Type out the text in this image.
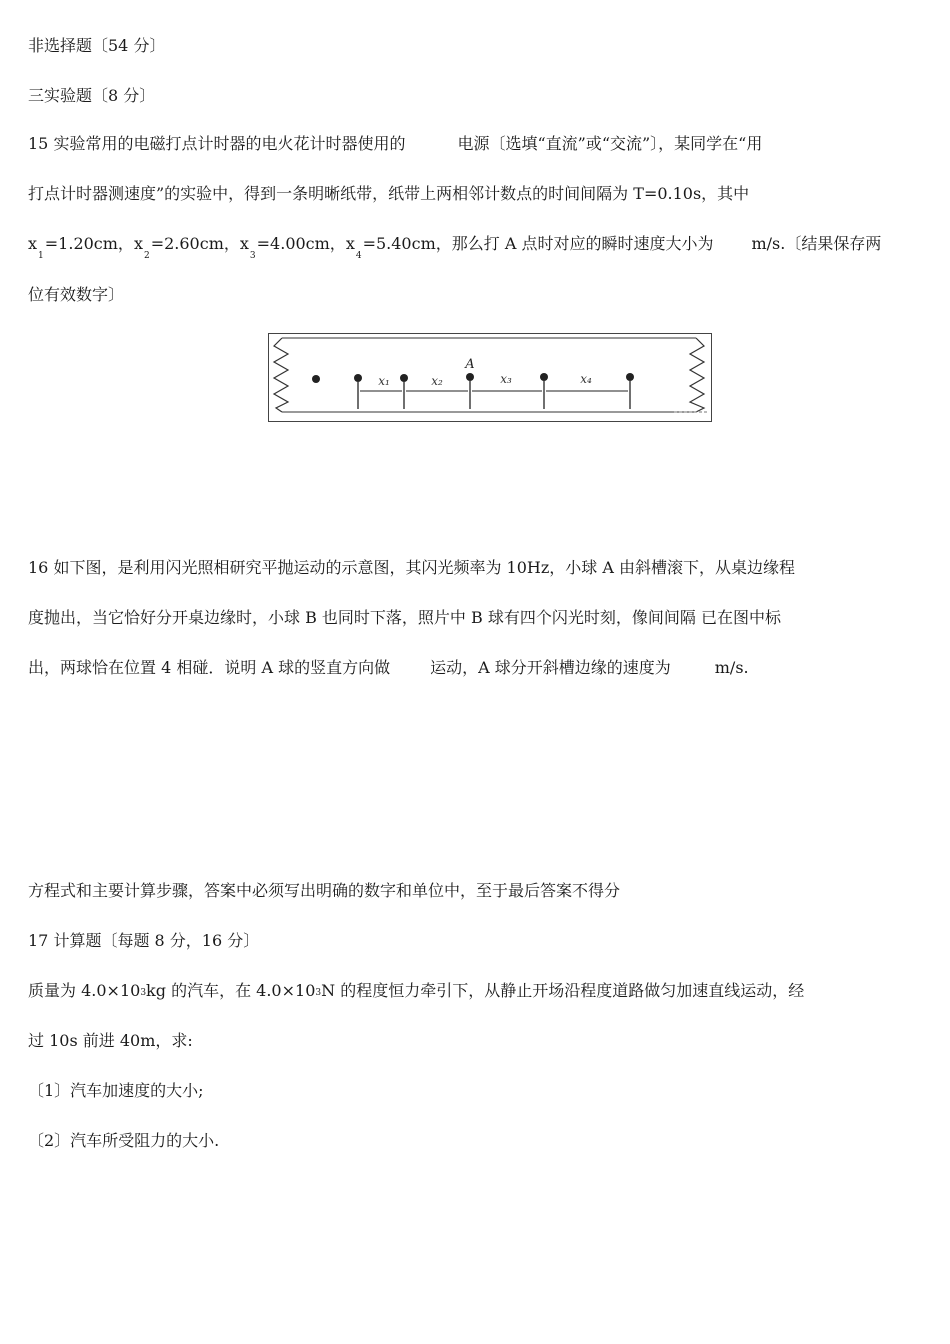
非选择题〔54 分〕
三实验题〔8 分〕
15 实验常用的电磁打点计时器的电火花计时器使用的	电源〔选填“直流”或“交流”〕，某同学在“用
打点计时器测速度”的实验中，得到一条明晰纸带，纸带上两相邻计数点的时间间隔为 T=0.10s，其中
$x_1=1.20cm$，$x_2=2.60cm$，$x_3=4.00cm$，$x_4=5.40cm$，那么打 A 点时对应的瞬时速度大小为 m/s.〔结果保存两
位有效数字〕
x₁	x₂	x₃	x₄
A
16 如下图，是利用闪光照相研究平抛运动的示意图，其闪光频率为 10Hz，小球 A 由斜槽滚下，从桌边缘程
度抛出，当它恰好分开桌边缘时，小球 B 也同时下落，照片中 B 球有四个闪光时刻，像间间隔 已在图中标
出，两球恰在位置 4 相碰．说明 A 球的竖直方向做	运动，A 球分开斜槽边缘的速度为	m/s.
方程式和主要计算步骤，答案中必须写出明确的数字和单位中，至于最后答案不得分
17 计算题〔每题 8 分，16 分〕
质量为 4.0×103kg 的汽车，在 4.0×103N 的程度恒力牵引下，从静止开场沿程度道路做匀加速直线运动，经
过 10s 前进 40m，求:
〔1〕汽车加速度的大小;
〔2〕汽车所受阻力的大小.
